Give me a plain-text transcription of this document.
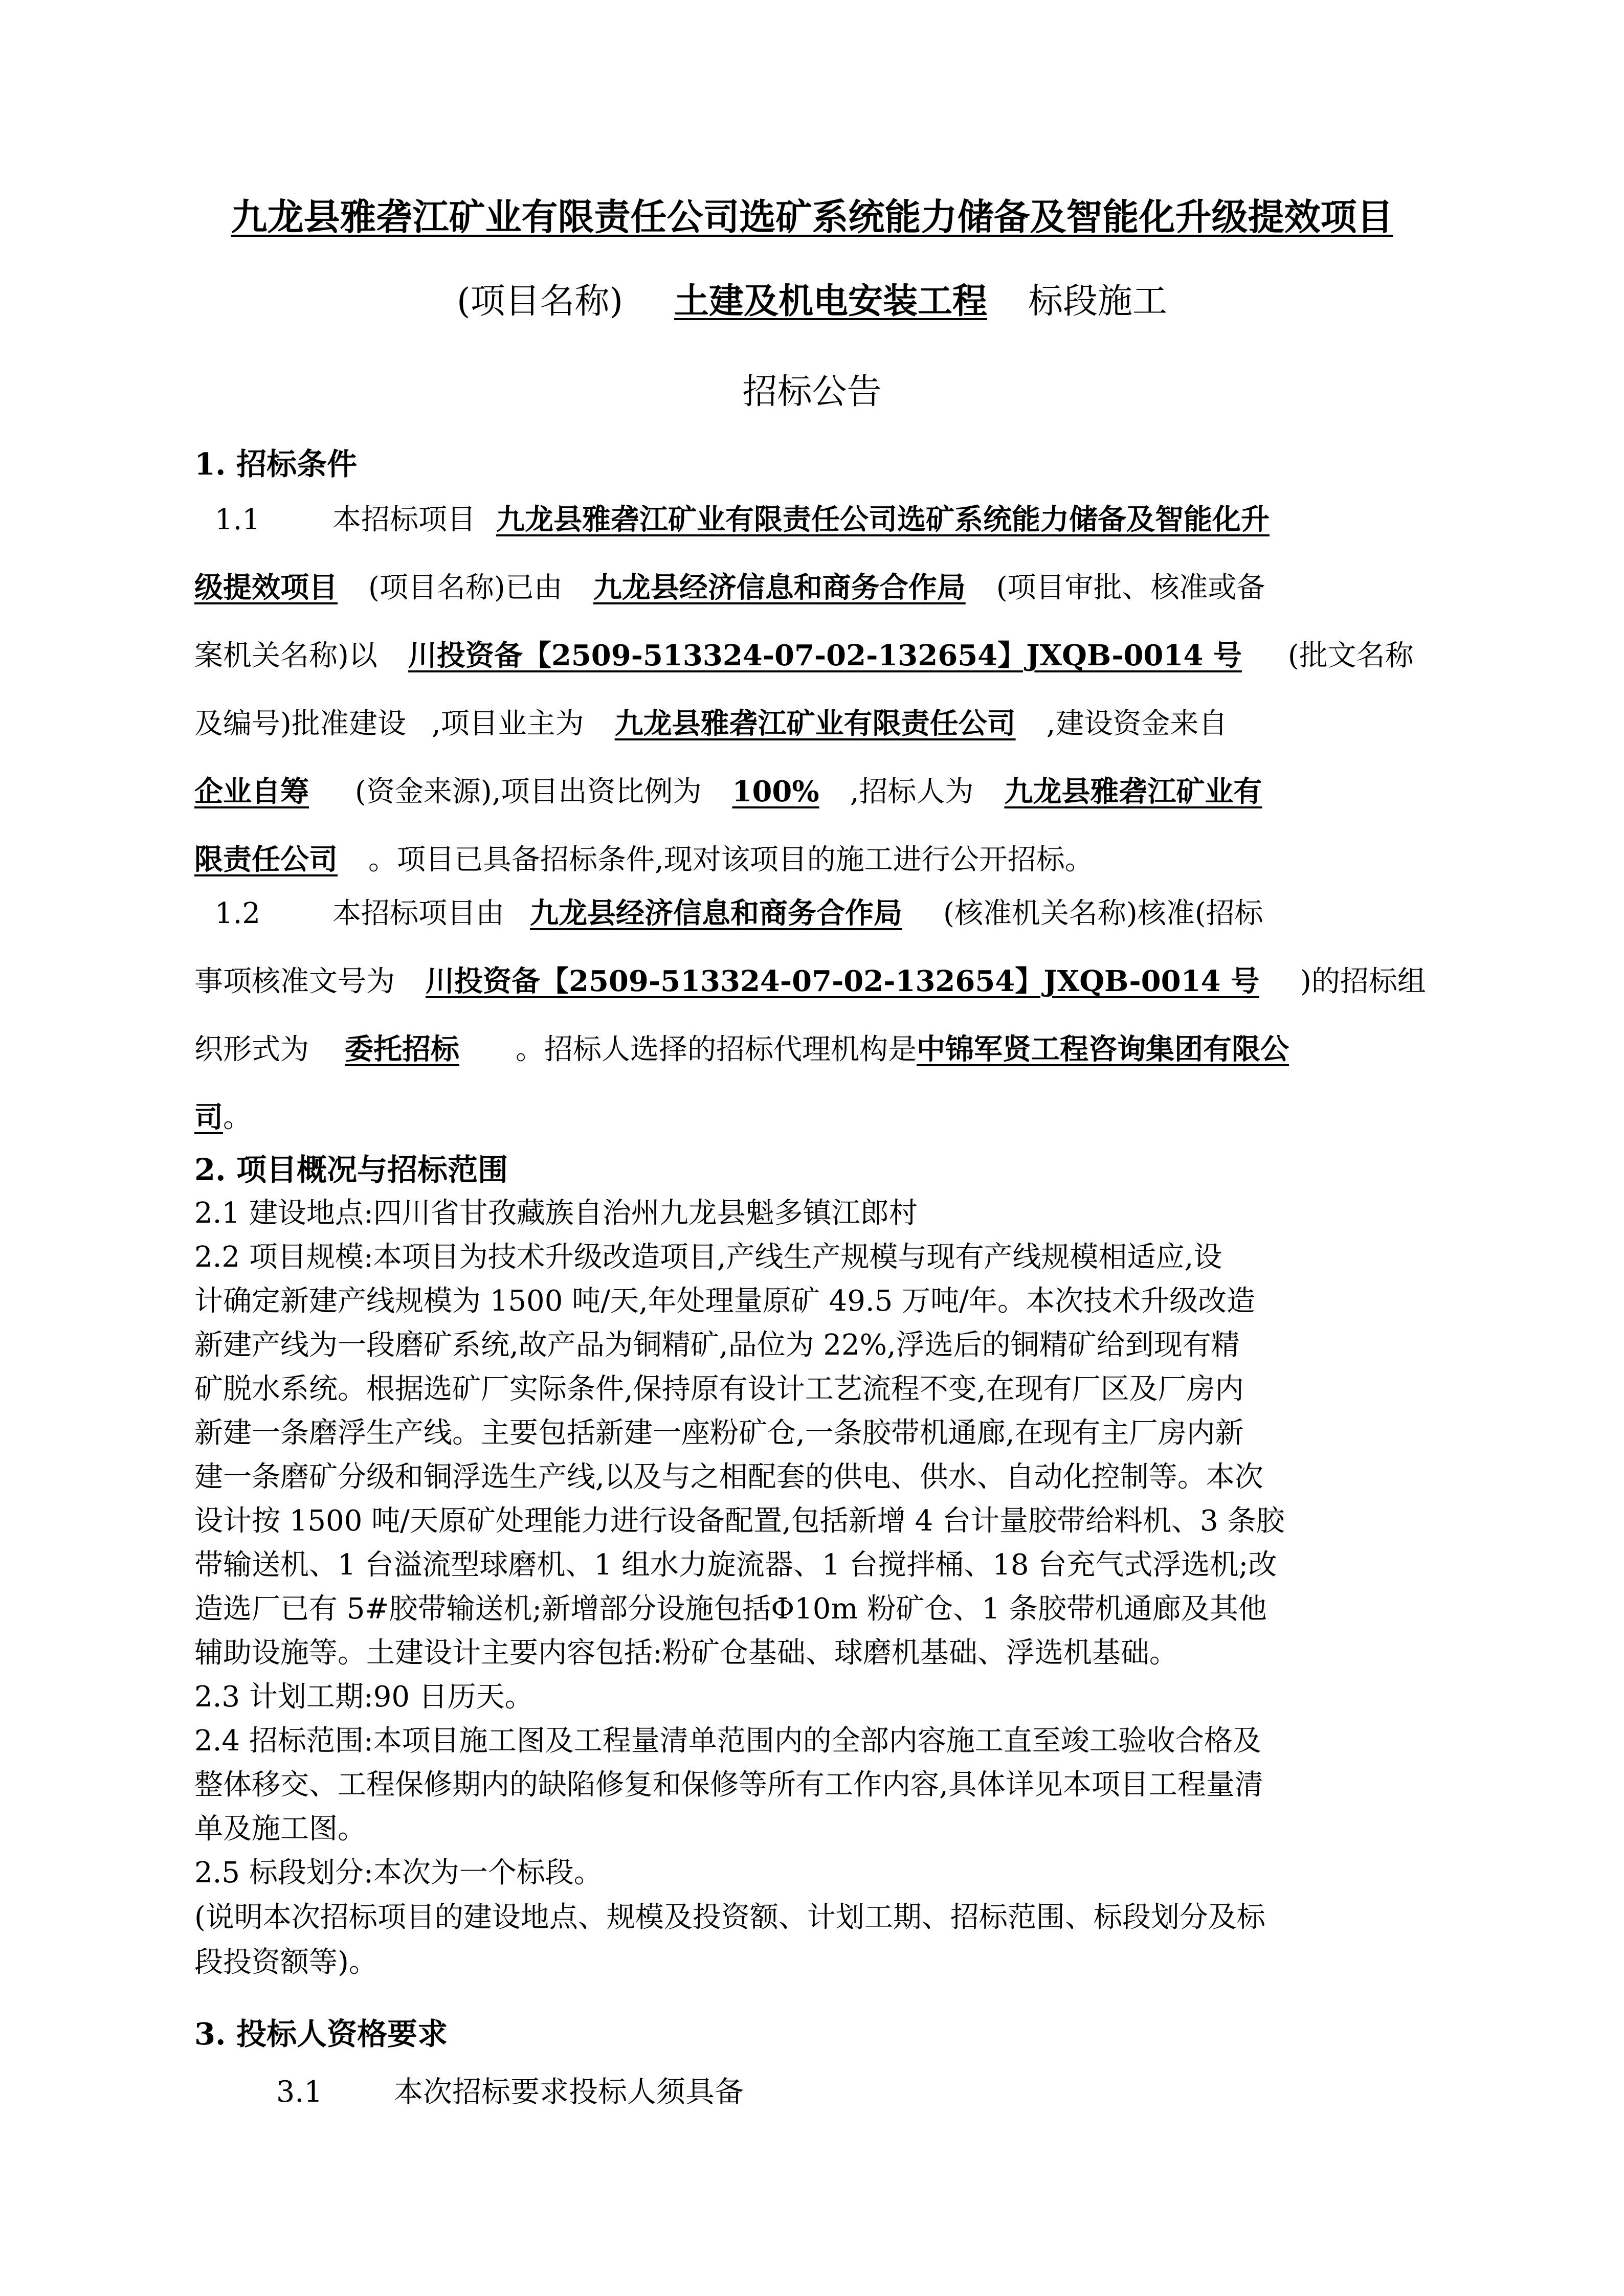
九龙县雅砻江矿业有限责任公司选矿系统能力储备及智能化升级提效项目
(项目名称) 土建及机电安装工程 标段施工
招标公告
1. 招标条件
1.1	本招标项目 九龙县雅砻江矿业有限责任公司选矿系统能力储备及智能化升
级提效项目 (项目名称)已由 九龙县经济信息和商务合作局 (项目审批、核准或备
案机关名称)以 川投资备【2509-513324-07-02-132654】JXQB-0014 号 (批文名称
及编号)批准建设 ,项目业主为 九龙县雅砻江矿业有限责任公司 ,建设资金来自
企业自筹 (资金来源),项目出资比例为 100% ,招标人为 九龙县雅砻江矿业有
限责任公司 。项目已具备招标条件,现对该项目的施工进行公开招标。
1.2	本招标项目由 九龙县经济信息和商务合作局 (核准机关名称)核准(招标
事项核准文号为 川投资备【2509-513324-07-02-132654】JXQB-0014 号 )的招标组
织形式为 委托招标 。招标人选择的招标代理机构是中锦军贤工程咨询集团有限公
司。
2. 项目概况与招标范围
2.1 建设地点:四川省甘孜藏族自治州九龙县魁多镇江郎村
2.2 项目规模:本项目为技术升级改造项目,产线生产规模与现有产线规模相适应,设
计确定新建产线规模为 1500 吨/天,年处理量原矿 49.5 万吨/年。本次技术升级改造
新建产线为一段磨矿系统,故产品为铜精矿,品位为 22%,浮选后的铜精矿给到现有精
矿脱水系统。根据选矿厂实际条件,保持原有设计工艺流程不变,在现有厂区及厂房内
新建一条磨浮生产线。主要包括新建一座粉矿仓,一条胶带机通廊,在现有主厂房内新
建一条磨矿分级和铜浮选生产线,以及与之相配套的供电、供水、自动化控制等。本次
设计按 1500 吨/天原矿处理能力进行设备配置,包括新增 4 台计量胶带给料机、3 条胶
带输送机、1 台溢流型球磨机、1 组水力旋流器、1 台搅拌桶、18 台充气式浮选机;改
造选厂已有 5#胶带输送机;新增部分设施包括Φ10m 粉矿仓、1 条胶带机通廊及其他
辅助设施等。土建设计主要内容包括:粉矿仓基础、球磨机基础、浮选机基础。
2.3 计划工期:90 日历天。
2.4 招标范围:本项目施工图及工程量清单范围内的全部内容施工直至竣工验收合格及
整体移交、工程保修期内的缺陷修复和保修等所有工作内容,具体详见本项目工程量清
单及施工图。
2.5 标段划分:本次为一个标段。
(说明本次招标项目的建设地点、规模及投资额、计划工期、招标范围、标段划分及标
段投资额等)。
3. 投标人资格要求
3.1 本次招标要求投标人须具备
